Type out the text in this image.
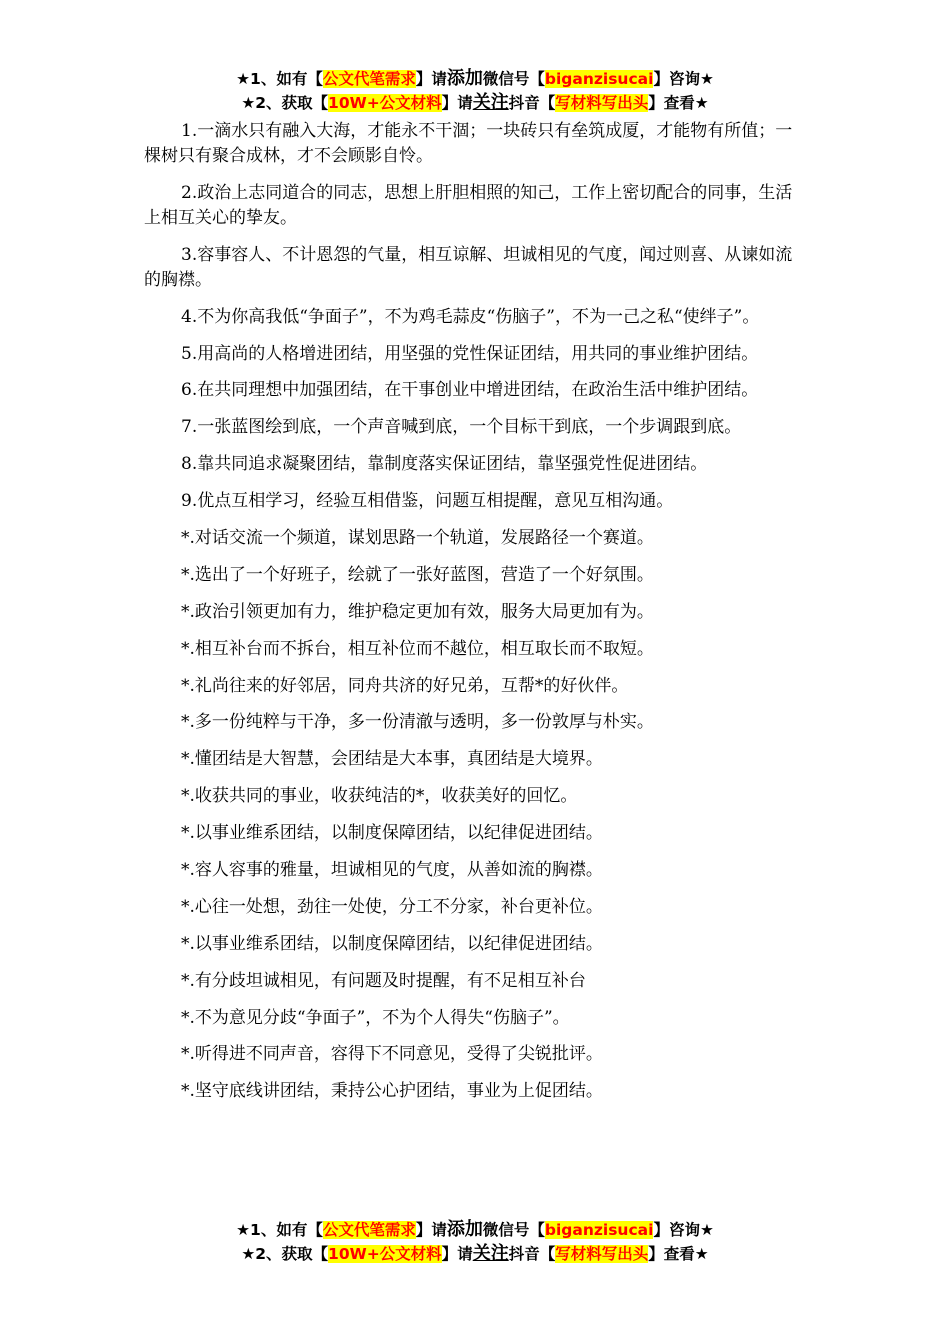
★1、如有【公文代笔需求】请添加微信号【biganzisucai】咨询★
★2、获取【10W+公文材料】请关注抖音【写材料写出头】查看★

1.一滴水只有融入大海，才能永不干涸；一块砖只有垒筑成厦，才能物有所值；一棵树只有聚合成林，才不会顾影自怜。

2.政治上志同道合的同志，思想上肝胆相照的知己，工作上密切配合的同事，生活上相互关心的挚友。

3.容事容人、不计恩怨的气量，相互谅解、坦诚相见的气度，闻过则喜、从谏如流的胸襟。

4.不为你高我低“争面子”，不为鸡毛蒜皮“伤脑子”，不为一己之私“使绊子”。

5.用高尚的人格增进团结，用坚强的党性保证团结，用共同的事业维护团结。

6.在共同理想中加强团结，在干事创业中增进团结，在政治生活中维护团结。

7.一张蓝图绘到底，一个声音喊到底，一个目标干到底，一个步调跟到底。

8.靠共同追求凝聚团结，靠制度落实保证团结，靠坚强党性促进团结。

9.优点互相学习，经验互相借鉴，问题互相提醒，意见互相沟通。

*.对话交流一个频道，谋划思路一个轨道，发展路径一个赛道。

*.选出了一个好班子，绘就了一张好蓝图，营造了一个好氛围。

*.政治引领更加有力，维护稳定更加有效，服务大局更加有为。

*.相互补台而不拆台，相互补位而不越位，相互取长而不取短。

*.礼尚往来的好邻居，同舟共济的好兄弟，互帮*的好伙伴。

*.多一份纯粹与干净，多一份清澈与透明，多一份敦厚与朴实。

*.懂团结是大智慧，会团结是大本事，真团结是大境界。

*.收获共同的事业，收获纯洁的*，收获美好的回忆。

*.以事业维系团结，以制度保障团结，以纪律促进团结。

*.容人容事的雅量，坦诚相见的气度，从善如流的胸襟。

*.心往一处想，劲往一处使，分工不分家，补台更补位。

*.以事业维系团结，以制度保障团结，以纪律促进团结。

*.有分歧坦诚相见，有问题及时提醒，有不足相互补台

*.不为意见分歧“争面子”，不为个人得失“伤脑子”。

*.听得进不同声音，容得下不同意见，受得了尖锐批评。

*.坚守底线讲团结，秉持公心护团结，事业为上促团结。

★1、如有【公文代笔需求】请添加微信号【biganzisucai】咨询★
★2、获取【10W+公文材料】请关注抖音【写材料写出头】查看★
